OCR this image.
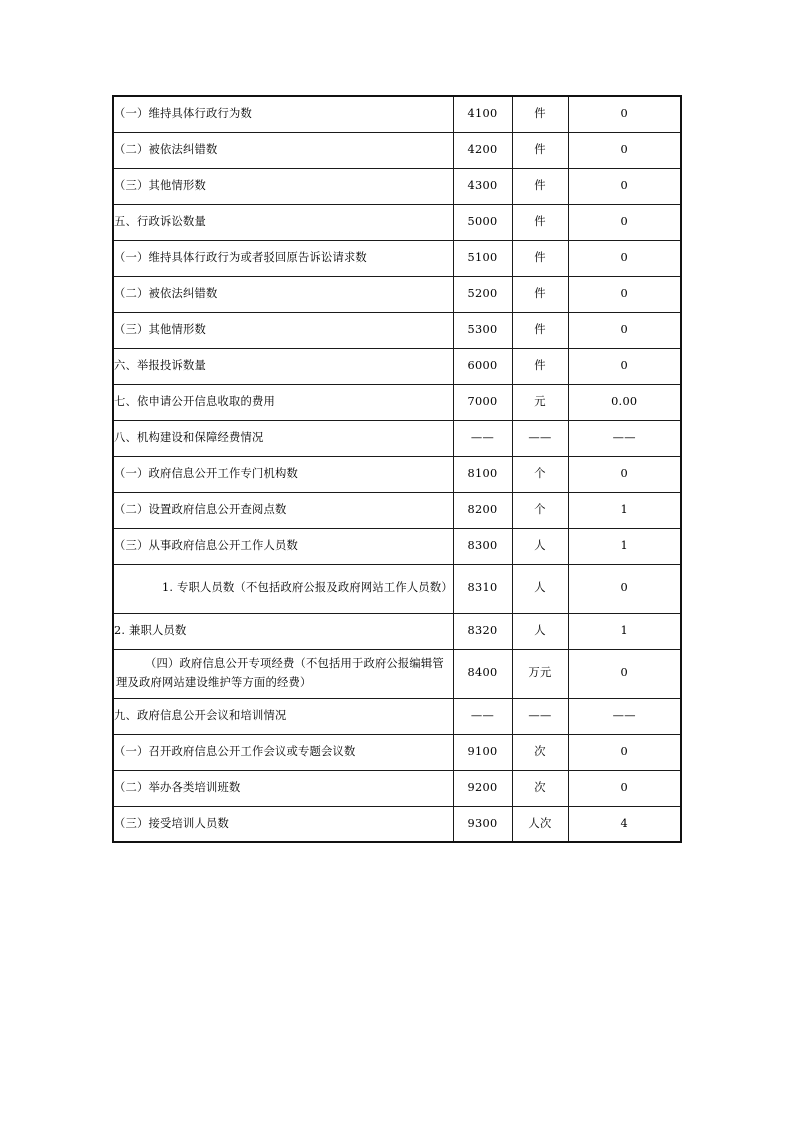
（一）维持具体行政行为数	4100	件	0
（二）被依法纠错数	4200	件	0
（三）其他情形数	4300	件	0
五、行政诉讼数量	5000	件	0
（一）维持具体行政行为或者驳回原告诉讼请求数	5100	件	0
（二）被依法纠错数	5200	件	0
（三）其他情形数	5300	件	0
六、举报投诉数量	6000	件	0
七、依申请公开信息收取的费用	7000	元	0.00
八、机构建设和保障经费情况	——	——	——
（一）政府信息公开工作专门机构数	8100	个	0
（二）设置政府信息公开查阅点数	8200	个	1
（三）从事政府信息公开工作人员数	8300	人	1
1. 专职人员数（不包括政府公报及政府网站工作人员数）	8310	人	0
2. 兼职人员数	8320	人	1
（四）政府信息公开专项经费（不包括用于政府公报编辑管理及政府网站建设维护等方面的经费）	8400	万元	0
九、政府信息公开会议和培训情况	——	——	——
（一）召开政府信息公开工作会议或专题会议数	9100	次	0
（二）举办各类培训班数	9200	次	0
（三）接受培训人员数	9300	人次	4
